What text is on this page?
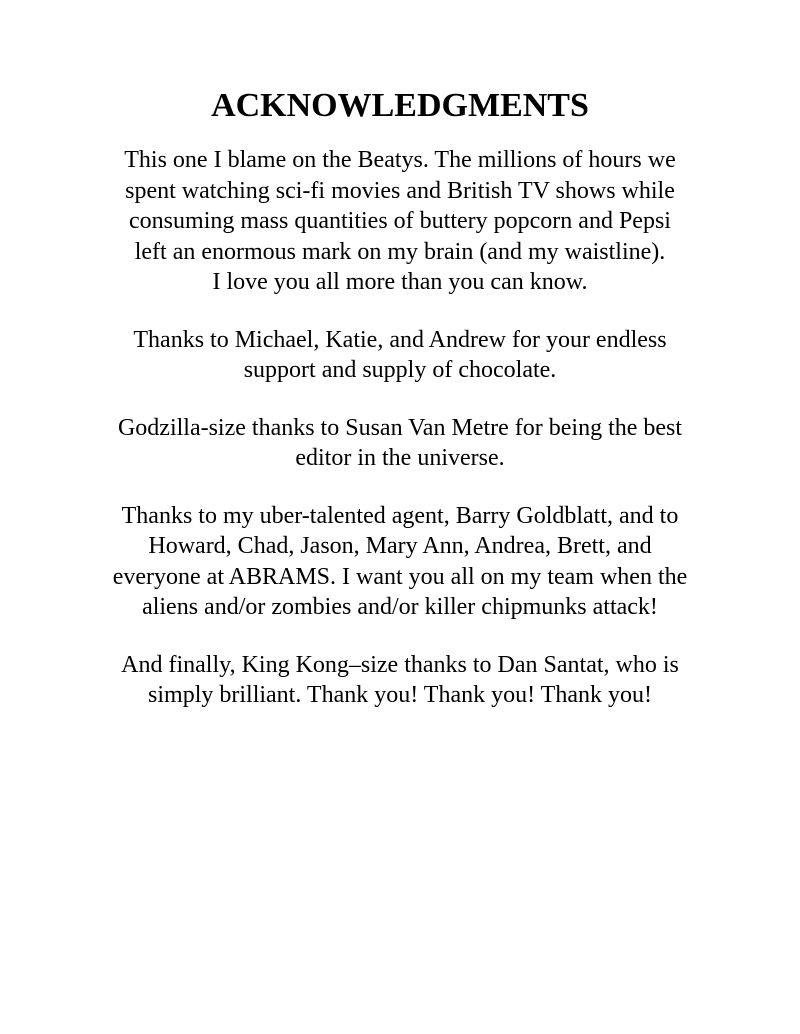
ACKNOWLEDGMENTS

This one I blame on the Beatys. The millions of hours we
spent watching sci-fi movies and British TV shows while
consuming mass quantities of buttery popcorn and Pepsi
left an enormous mark on my brain (and my waistline).
I love you all more than you can know.

Thanks to Michael, Katie, and Andrew for your endless
support and supply of chocolate.

Godzilla-size thanks to Susan Van Metre for being the best
editor in the universe.

Thanks to my uber-talented agent, Barry Goldblatt, and to
Howard, Chad, Jason, Mary Ann, Andrea, Brett, and
everyone at ABRAMS. I want you all on my team when the
aliens and/or zombies and/or killer chipmunks attack!

And finally, King Kong–size thanks to Dan Santat, who is
simply brilliant. Thank you! Thank you! Thank you!
